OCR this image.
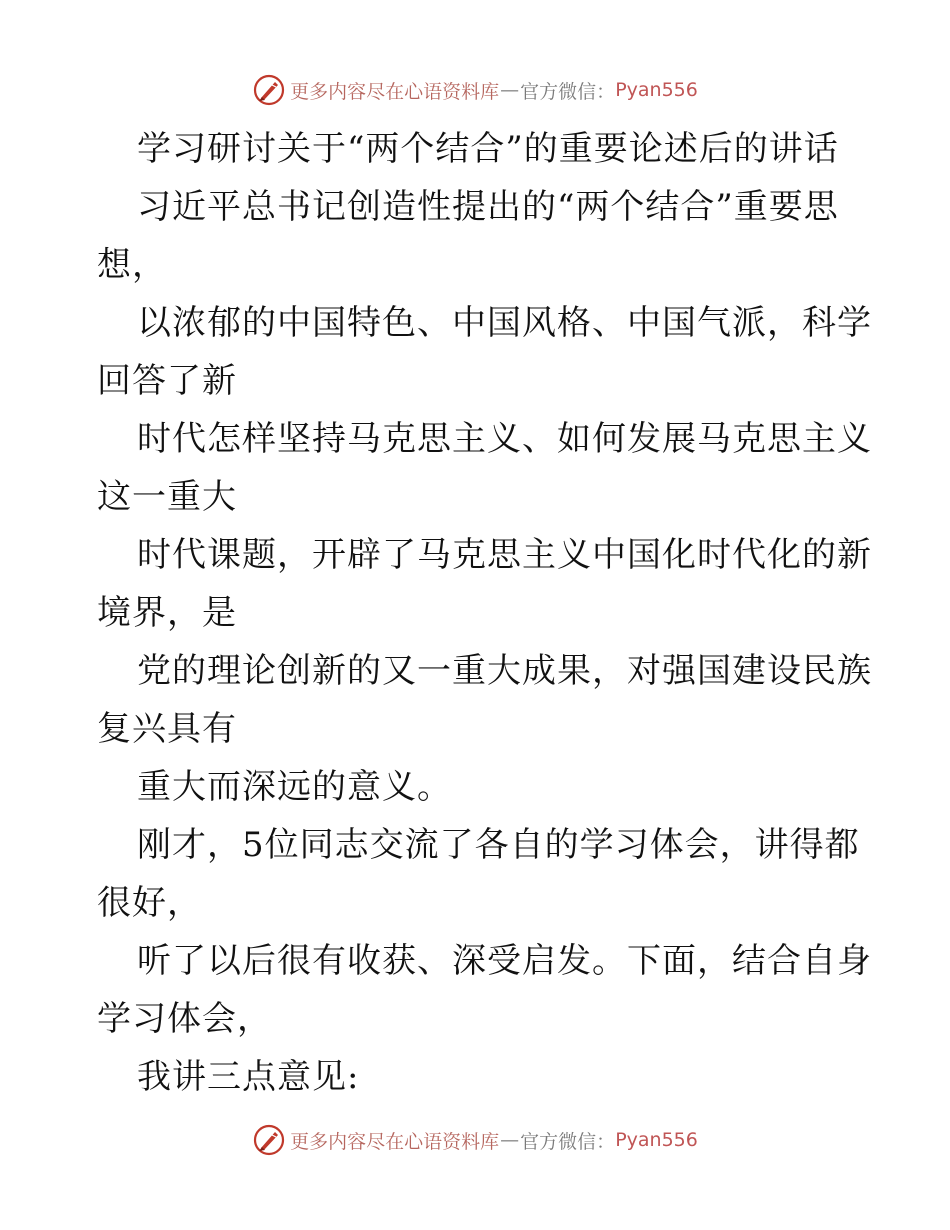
更多内容尽在心语资料库 — 官方微信： Pyan556
学习研讨关于“两个结合”的重要论述后的讲话
习近平总书记创造性提出的“两个结合”重要思
想，
以浓郁的中国特色、中国风格、中国气派，科学
回答了新
时代怎样坚持马克思主义、如何发展马克思主义
这一重大
时代课题，开辟了马克思主义中国化时代化的新
境界，是
党的理论创新的又一重大成果，对强国建设民族
复兴具有
重大而深远的意义。
刚才，5位同志交流了各自的学习体会，讲得都
很好，
听了以后很有收获、深受启发。下面，结合自身
学习体会，
我讲三点意见:
更多内容尽在心语资料库 — 官方微信： Pyan556
